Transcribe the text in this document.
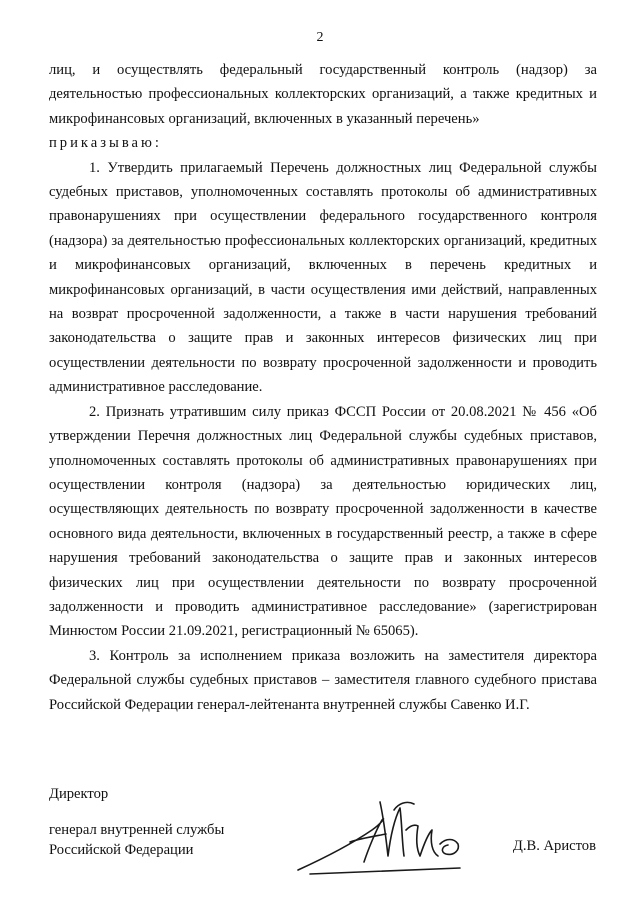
2

лиц, и осуществлять федеральный государственный контроль (надзор) за деятельностью профессиональных коллекторских организаций, а также кредитных и микрофинансовых организаций, включенных в указанный перечень»

приказываю:

1. Утвердить прилагаемый Перечень должностных лиц Федеральной службы судебных приставов, уполномоченных составлять протоколы об административных правонарушениях при осуществлении федерального государственного контроля (надзора) за деятельностью профессиональных коллекторских организаций, кредитных и микрофинансовых организаций, включенных в перечень кредитных и микрофинансовых организаций, в части осуществления ими действий, направленных на возврат просроченной задолженности, а также в части нарушения требований законодательства о защите прав и законных интересов физических лиц при осуществлении деятельности по возврату просроченной задолженности и проводить административное расследование.

2. Признать утратившим силу приказ ФССП России от 20.08.2021 № 456 «Об утверждении Перечня должностных лиц Федеральной службы судебных приставов, уполномоченных составлять протоколы об административных правонарушениях при осуществлении контроля (надзора) за деятельностью юридических лиц, осуществляющих деятельность по возврату просроченной задолженности в качестве основного вида деятельности, включенных в государственный реестр, а также в сфере нарушения требований законодательства о защите прав и законных интересов физических лиц при осуществлении деятельности по возврату просроченной задолженности и проводить административное расследование» (зарегистрирован Минюстом России 21.09.2021, регистрационный № 65065).

3. Контроль за исполнением приказа возложить на заместителя директора Федеральной службы судебных приставов – заместителя главного судебного пристава Российской Федерации генерал-лейтенанта внутренней службы Савенко И.Г.

Директор
генерал внутренней службы
Российской Федерации	Д.В. Аристов
